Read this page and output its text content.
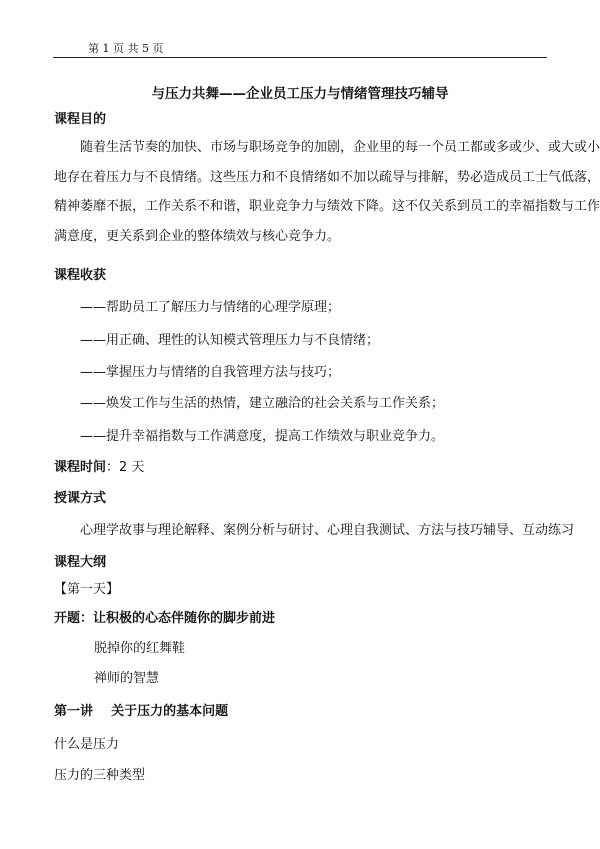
第 1 页 共 5 页
与压力共舞——企业员工压力与情绪管理技巧辅导
课程目的
随着生活节奏的加快、市场与职场竞争的加剧，企业里的每一个员工都或多或少、或大或小
地存在着压力与不良情绪。这些压力和不良情绪如不加以疏导与排解，势必造成员工士气低落，
精神萎靡不振，工作关系不和谐，职业竞争力与绩效下降。这不仅关系到员工的幸福指数与工作
满意度，更关系到企业的整体绩效与核心竞争力。
课程收获
——帮助员工了解压力与情绪的心理学原理；
——用正确、理性的认知模式管理压力与不良情绪；
——掌握压力与情绪的自我管理方法与技巧；
——焕发工作与生活的热情，建立融洽的社会关系与工作关系；
——提升幸福指数与工作满意度，提高工作绩效与职业竞争力。
课程时间：2 天
授课方式
心理学故事与理论解释、案例分析与研讨、心理自我测试、方法与技巧辅导、互动练习
课程大纲
【第一天】
开题：让积极的心态伴随你的脚步前进
脱掉你的红舞鞋
禅师的智慧
第一讲    关于压力的基本问题
什么是压力
压力的三种类型
